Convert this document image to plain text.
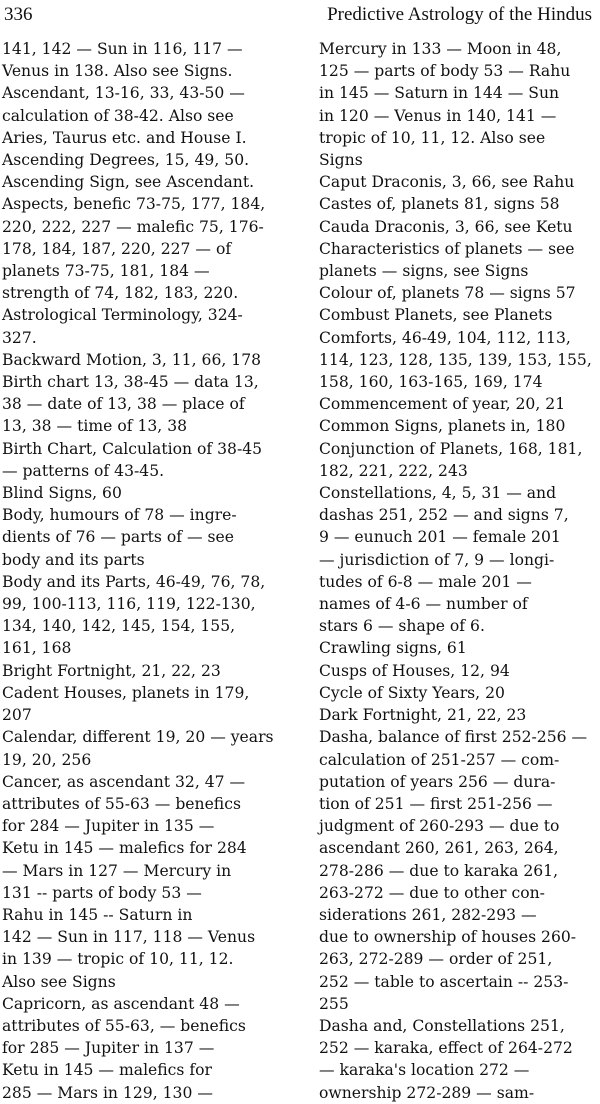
336	Predictive Astrology of the Hindus
141, 142 — Sun in 116, 117 —
Venus in 138. Also see Signs.
Ascendant, 13-16, 33, 43-50 —
calculation of 38-42. Also see
Aries, Taurus etc. and House I.
Ascending Degrees, 15, 49, 50.
Ascending Sign, see Ascendant.
Aspects, benefic 73-75, 177, 184,
220, 222, 227 — malefic 75, 176-
178, 184, 187, 220, 227 — of
planets 73-75, 181, 184 —
strength of 74, 182, 183, 220.
Astrological Terminology, 324-
327.
Backward Motion, 3, 11, 66, 178
Birth chart 13, 38-45 — data 13,
38 — date of 13, 38 — place of
13, 38 — time of 13, 38
Birth Chart, Calculation of 38-45
— patterns of 43-45.
Blind Signs, 60
Body, humours of 78 — ingre-
dients of 76 — parts of — see
body and its parts
Body and its Parts, 46-49, 76, 78,
99, 100-113, 116, 119, 122-130,
134, 140, 142, 145, 154, 155,
161, 168
Bright Fortnight, 21, 22, 23
Cadent Houses, planets in 179,
207
Calendar, different 19, 20 — years
19, 20, 256
Cancer, as ascendant 32, 47 —
attributes of 55-63 — benefics
for 284 — Jupiter in 135 —
Ketu in 145 — malefics for 284
— Mars in 127 — Mercury in
131 -- parts of body 53 —
Rahu in 145 -- Saturn in
142 — Sun in 117, 118 — Venus
in 139 — tropic of 10, 11, 12.
Also see Signs
Capricorn, as ascendant 48 —
attributes of 55-63, — benefics
for 285 — Jupiter in 137 —
Ketu in 145 — malefics for
285 — Mars in 129, 130 —
Mercury in 133 — Moon in 48,
125 — parts of body 53 — Rahu
in 145 — Saturn in 144 — Sun
in 120 — Venus in 140, 141 —
tropic of 10, 11, 12. Also see
Signs
Caput Draconis, 3, 66, see Rahu
Castes of, planets 81, signs 58
Cauda Draconis, 3, 66, see Ketu
Characteristics of planets — see
planets — signs, see Signs
Colour of, planets 78 — signs 57
Combust Planets, see Planets
Comforts, 46-49, 104, 112, 113,
114, 123, 128, 135, 139, 153, 155,
158, 160, 163-165, 169, 174
Commencement of year, 20, 21
Common Signs, planets in, 180
Conjunction of Planets, 168, 181,
182, 221, 222, 243
Constellations, 4, 5, 31 — and
dashas 251, 252 — and signs 7,
9 — eunuch 201 — female 201
— jurisdiction of 7, 9 — longi-
tudes of 6-8 — male 201 —
names of 4-6 — number of
stars 6 — shape of 6.
Crawling signs, 61
Cusps of Houses, 12, 94
Cycle of Sixty Years, 20
Dark Fortnight, 21, 22, 23
Dasha, balance of first 252-256 —
calculation of 251-257 — com-
putation of years 256 — dura-
tion of 251 — first 251-256 —
judgment of 260-293 — due to
ascendant 260, 261, 263, 264,
278-286 — due to karaka 261,
263-272 — due to other con-
siderations 261, 282-293 —
due to ownership of houses 260-
263, 272-289 — order of 251,
252 — table to ascertain -- 253-
255
Dasha and, Constellations 251,
252 — karaka, effect of 264-272
— karaka's location 272 —
ownership 272-289 — sam-
